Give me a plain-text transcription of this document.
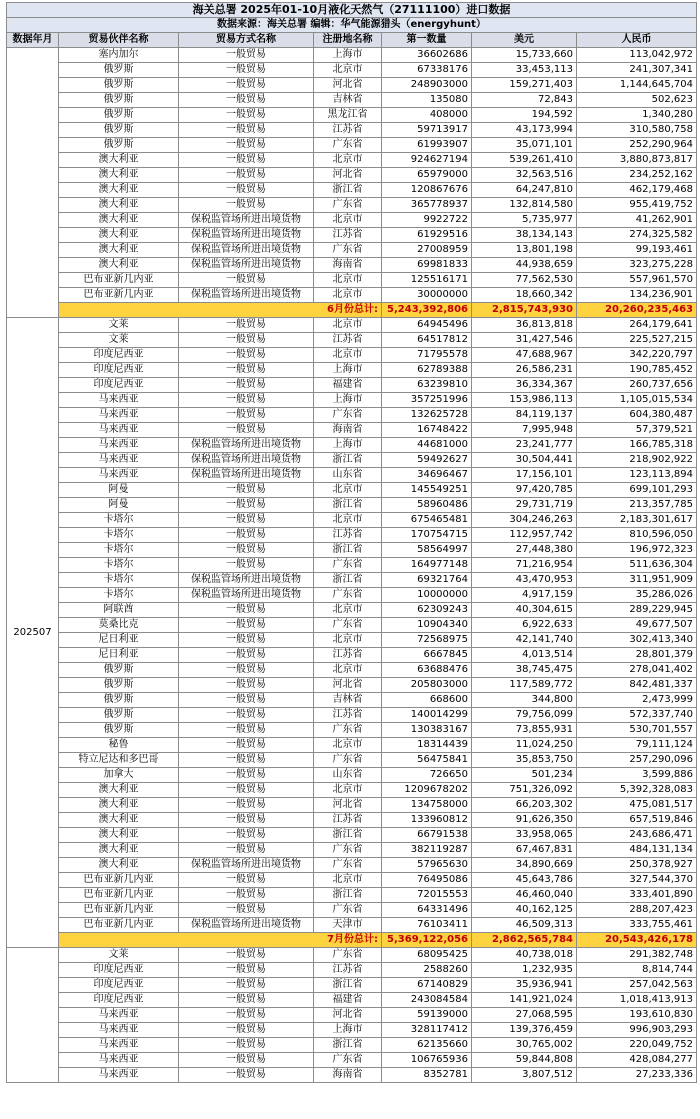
海关总署 2025年01-10月液化天然气（27111100）进口数据						
数据来源：海关总署 编辑：华气能源猎头（energyhunt）						
数据年月	贸易伙伴名称	贸易方式名称	注册地名称	第一数量	美元	人民币
	塞内加尔	一般贸易	上海市	36602686	15,733,660	113,042,972
	俄罗斯	一般贸易	北京市	67338176	33,453,113	241,307,341
	俄罗斯	一般贸易	河北省	248903000	159,271,403	1,144,645,704
	俄罗斯	一般贸易	吉林省	135080	72,843	502,623
	俄罗斯	一般贸易	黑龙江省	408000	194,592	1,340,280
	俄罗斯	一般贸易	江苏省	59713917	43,173,994	310,580,758
	俄罗斯	一般贸易	广东省	61993907	35,071,101	252,290,964
	澳大利亚	一般贸易	北京市	924627194	539,261,410	3,880,873,817
	澳大利亚	一般贸易	河北省	65979000	32,563,516	234,252,162
	澳大利亚	一般贸易	浙江省	120867676	64,247,810	462,179,468
	澳大利亚	一般贸易	广东省	365778937	132,814,580	955,419,752
	澳大利亚	保税监管场所进出境货物	北京市	9922722	5,735,977	41,262,901
	澳大利亚	保税监管场所进出境货物	江苏省	61929516	38,134,143	274,325,582
	澳大利亚	保税监管场所进出境货物	广东省	27008959	13,801,198	99,193,461
	澳大利亚	保税监管场所进出境货物	海南省	69981833	44,938,659	323,275,228
	巴布亚新几内亚	一般贸易	北京市	125516171	77,562,530	557,961,570
	巴布亚新几内亚	保税监管场所进出境货物	北京市	30000000	18,660,342	134,236,901
	6月份总计:			5,243,392,806	2,815,743,930	20,260,235,463
202507	文莱	一般贸易	北京市	64945496	36,813,818	264,179,641
	文莱	一般贸易	江苏省	64517812	31,427,546	225,527,215
	印度尼西亚	一般贸易	北京市	71795578	47,688,967	342,220,797
	印度尼西亚	一般贸易	上海市	62789388	26,586,231	190,785,452
	印度尼西亚	一般贸易	福建省	63239810	36,334,367	260,737,656
	马来西亚	一般贸易	上海市	357251996	153,986,113	1,105,015,534
	马来西亚	一般贸易	广东省	132625728	84,119,137	604,380,487
	马来西亚	一般贸易	海南省	16748422	7,995,948	57,379,521
	马来西亚	保税监管场所进出境货物	上海市	44681000	23,241,777	166,785,318
	马来西亚	保税监管场所进出境货物	浙江省	59492627	30,504,441	218,902,922
	马来西亚	保税监管场所进出境货物	山东省	34696467	17,156,101	123,113,894
	阿曼	一般贸易	北京市	145549251	97,420,785	699,101,293
	阿曼	一般贸易	浙江省	58960486	29,731,719	213,357,785
	卡塔尔	一般贸易	北京市	675465481	304,246,263	2,183,301,617
	卡塔尔	一般贸易	江苏省	170754715	112,957,742	810,596,050
	卡塔尔	一般贸易	浙江省	58564997	27,448,380	196,972,323
	卡塔尔	一般贸易	广东省	164977148	71,216,954	511,636,304
	卡塔尔	保税监管场所进出境货物	浙江省	69321764	43,470,953	311,951,909
	卡塔尔	保税监管场所进出境货物	广东省	10000000	4,917,159	35,286,026
	阿联酋	一般贸易	北京市	62309243	40,304,615	289,229,945
	莫桑比克	一般贸易	广东省	10904340	6,922,633	49,677,507
	尼日利亚	一般贸易	北京市	72568975	42,141,740	302,413,340
	尼日利亚	一般贸易	江苏省	6667845	4,013,514	28,801,379
	俄罗斯	一般贸易	北京市	63688476	38,745,475	278,041,402
	俄罗斯	一般贸易	河北省	205803000	117,589,772	842,481,337
	俄罗斯	一般贸易	吉林省	668600	344,800	2,473,999
	俄罗斯	一般贸易	江苏省	140014299	79,756,099	572,337,740
	俄罗斯	一般贸易	广东省	130383167	73,855,931	530,701,557
	秘鲁	一般贸易	北京市	18314439	11,024,250	79,111,124
	特立尼达和多巴哥	一般贸易	广东省	56475841	35,853,750	257,290,096
	加拿大	一般贸易	山东省	726650	501,234	3,599,886
	澳大利亚	一般贸易	北京市	1209678202	751,326,092	5,392,328,083
	澳大利亚	一般贸易	河北省	134758000	66,203,302	475,081,517
	澳大利亚	一般贸易	江苏省	133960812	91,626,350	657,519,846
	澳大利亚	一般贸易	浙江省	66791538	33,958,065	243,686,471
	澳大利亚	一般贸易	广东省	382119287	67,467,831	484,131,134
	澳大利亚	保税监管场所进出境货物	广东省	57965630	34,890,669	250,378,927
	巴布亚新几内亚	一般贸易	北京市	76495086	45,643,786	327,544,370
	巴布亚新几内亚	一般贸易	浙江省	72015553	46,460,040	333,401,890
	巴布亚新几内亚	一般贸易	广东省	64331496	40,162,125	288,207,423
	巴布亚新几内亚	保税监管场所进出境货物	天津市	76103411	46,509,313	333,755,461
	7月份总计:			5,369,122,056	2,862,565,784	20,543,426,178
	文莱	一般贸易	广东省	68095425	40,738,018	291,382,748
	印度尼西亚	一般贸易	江苏省	2588260	1,232,935	8,814,744
	印度尼西亚	一般贸易	浙江省	67140829	35,936,941	257,042,563
	印度尼西亚	一般贸易	福建省	243084584	141,921,024	1,018,413,913
	马来西亚	一般贸易	河北省	59139000	27,068,595	193,610,830
	马来西亚	一般贸易	上海市	328117412	139,376,459	996,903,293
	马来西亚	一般贸易	浙江省	62135660	30,765,002	220,049,752
	马来西亚	一般贸易	广东省	106765936	59,844,808	428,084,277
	马来西亚	一般贸易	海南省	8352781	3,807,512	27,233,336
